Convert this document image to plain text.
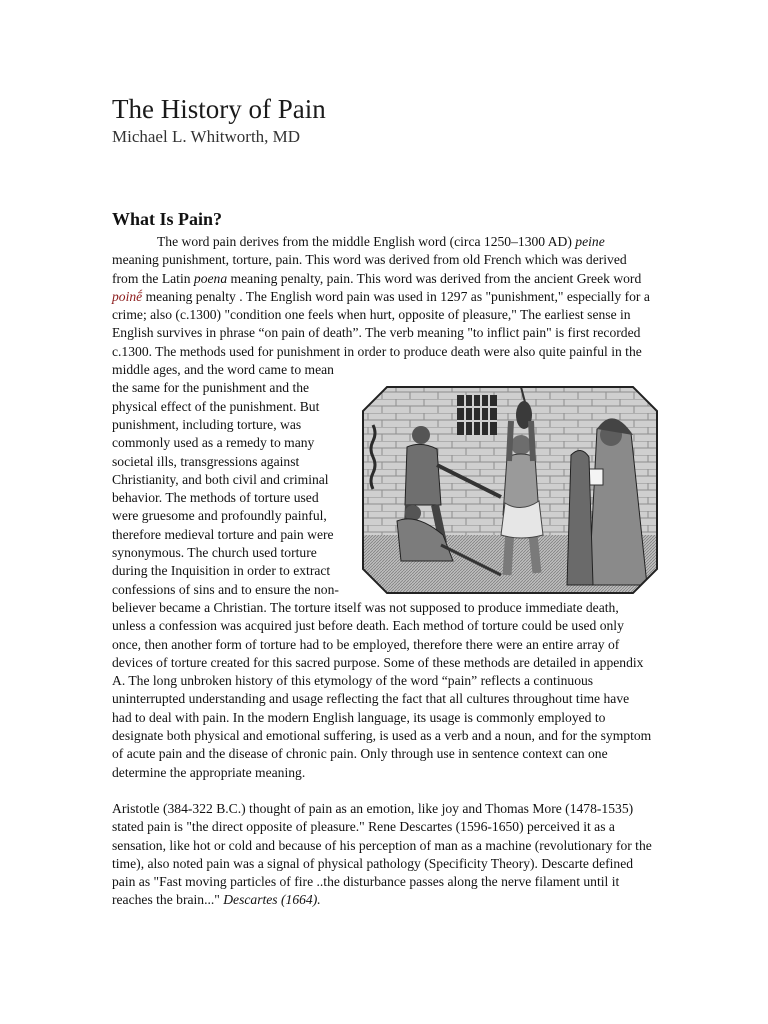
The History of Pain
Michael L. Whitworth, MD
What Is Pain?

The word pain derives from the middle English word (circa 1250–1300 AD) peine meaning punishment, torture, pain. This word was derived from old French which was derived from the Latin poena meaning penalty, pain. This word was derived from the ancient Greek word poinḗ meaning penalty . The English word pain was used in 1297 as "punishment," especially for a crime; also (c.1300) "condition one feels when hurt, opposite of pleasure," The earliest sense in English survives in phrase “on pain of death”. The verb meaning "to inflict pain" is first recorded c.1300. The methods used for punishment in order to produce death were also quite painful in the middle ages, and the word came to mean the same for the punishment and the physical effect of the punishment. But punishment, including torture, was commonly used as a remedy to many societal ills, transgressions against Christianity, and both civil and criminal behavior. The methods of torture used were gruesome and profoundly painful, therefore medieval torture and pain were synonymous. The church used torture during the Inquisition in order to extract confessions of sins and to ensure the non-believer became a Christian. The torture itself was not supposed to produce immediate death, unless a confession was acquired just before death. Each method of torture could be used only once, then another form of torture had to be employed, therefore there were an entire array of devices of torture created for this sacred purpose. Some of these methods are detailed in appendix A. The long unbroken history of this etymology of the word “pain” reflects a continuous uninterrupted understanding and usage reflecting the fact that all cultures throughout time have had to deal with pain. In the modern English language, its usage is commonly employed to designate both physical and emotional suffering, is used as a verb and a noun, and for the symptom of acute pain and the disease of chronic pain. Only through use in sentence context can one determine the appropriate meaning.

Aristotle (384-322 B.C.) thought of pain as an emotion, like joy and Thomas More (1478-1535) stated pain is "the direct opposite of pleasure." Rene Descartes (1596-1650) perceived it as a sensation, like hot or cold and because of his perception of man as a machine (revolutionary for the time), also noted pain was a signal of physical pathology (Specificity Theory). Descarte defined pain as "Fast moving particles of fire ..the disturbance passes along the nerve filament until it reaches the brain..." Descartes (1664).
